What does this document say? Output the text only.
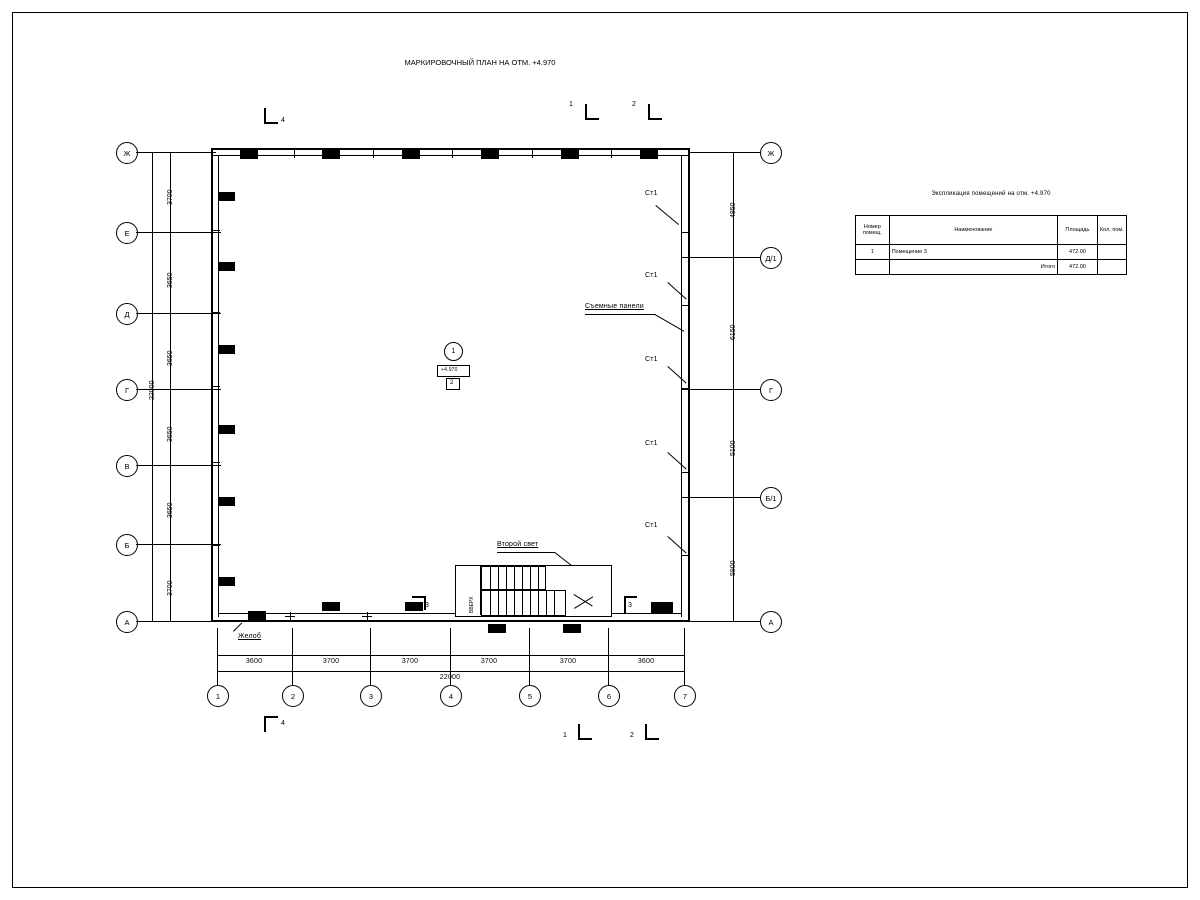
МАРКИРОВОЧНЫЙ ПЛАН НА ОТМ. +4.970
Ст1
Ст1
Ст1
Ст1
Ст1
Съемные панели
Второй свет
Желоб
1
+4.970
2
ВВЕРХ
Ж
Е
Д
Г
В
Б
А
Ж
Д/1
Г
Б/1
А
1	2	3	4	5	6	7
3700
3650
3650
3650
3650
3700
22000
4850
6150
5100
5900
3600	3700	3700	3700	3700	3600
22000
4
1	2
4
1	2
3	3
Экспликация помещений на отм. +4.970
Номер помещ.	Наименование	Площадь	Кол. пом.
1	Помещение 3	472.00	
	Итого	472.00	
